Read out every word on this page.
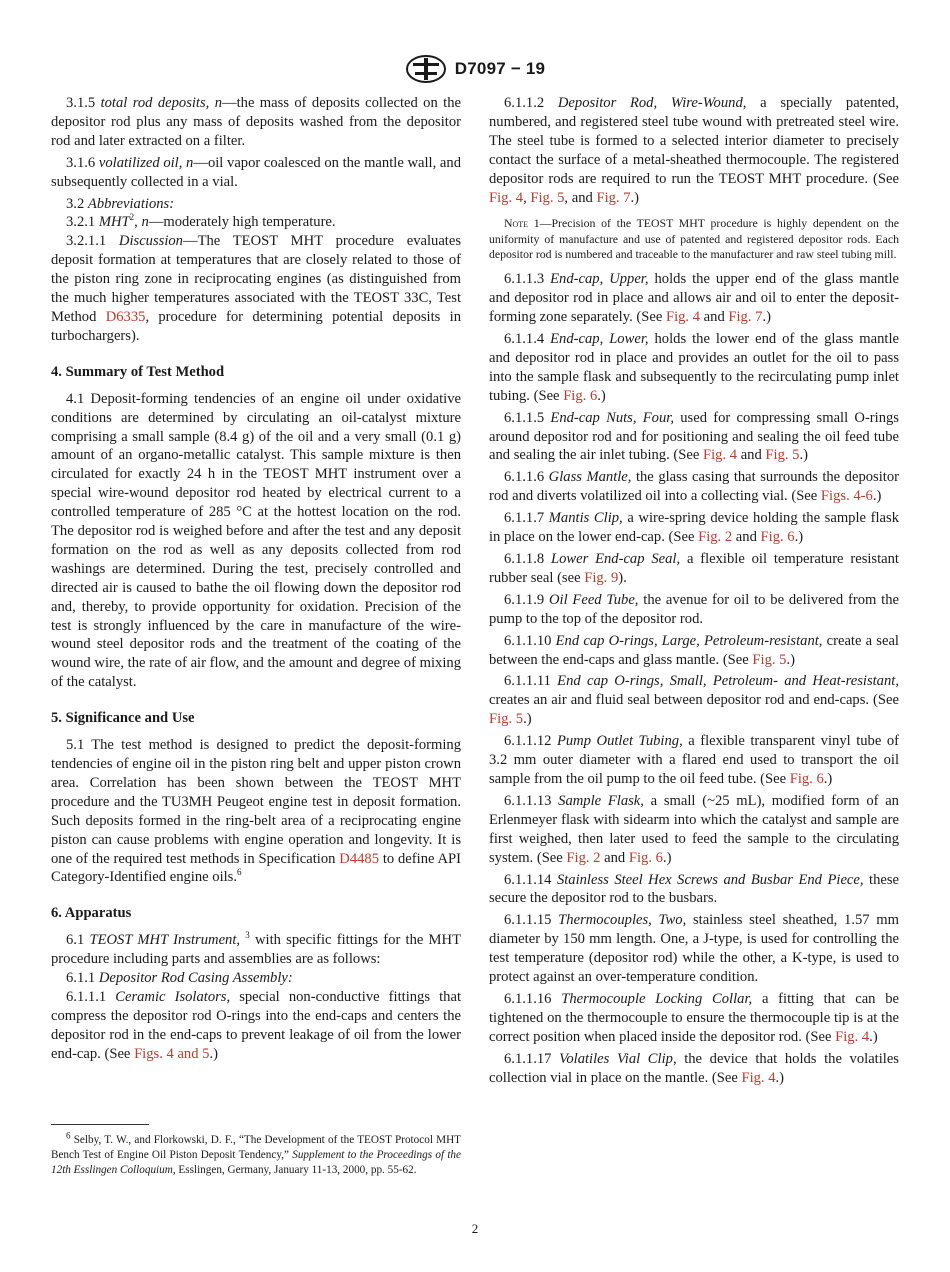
D7097 − 19

3.1.5 total rod deposits, n—the mass of deposits collected on the depositor rod plus any mass of deposits washed from the depositor rod and later extracted on a filter.

3.1.6 volatilized oil, n—oil vapor coalesced on the mantle wall, and subsequently collected in a vial.

3.2 Abbreviations:

3.2.1 MHT$^2$, n—moderately high temperature.

3.2.1.1 Discussion—The TEOST MHT procedure evaluates deposit formation at temperatures that are closely related to those of the piston ring zone in reciprocating engines (as distinguished from the much higher temperatures associated with the TEOST 33C, Test Method D6335, procedure for determining potential deposits in turbochargers).

4. Summary of Test Method

4.1 Deposit-forming tendencies of an engine oil under oxidative conditions are determined by circulating an oil-catalyst mixture comprising a small sample (8.4 g) of the oil and a very small (0.1 g) amount of an organo-metallic catalyst. This sample mixture is then circulated for exactly 24 h in the TEOST MHT instrument over a special wire-wound depositor rod heated by electrical current to a controlled temperature of 285 °C at the hottest location on the rod. The depositor rod is weighed before and after the test and any deposit formation on the rod as well as any deposits collected from rod washings are determined. During the test, precisely controlled and directed air is caused to bathe the oil flowing down the depositor rod and, thereby, to provide opportunity for oxidation. Precision of the test is strongly influenced by the care in manufacture of the wire-wound steel depositor rods and the treatment of the coating of the wound wire, the rate of air flow, and the amount and degree of mixing of the catalyst.

5. Significance and Use

5.1 The test method is designed to predict the deposit-forming tendencies of engine oil in the piston ring belt and upper piston crown area. Correlation has been shown between the TEOST MHT procedure and the TU3MH Peugeot engine test in deposit formation. Such deposits formed in the ring-belt area of a reciprocating engine piston can cause problems with engine operation and longevity. It is one of the required test methods in Specification D4485 to define API Category-Identified engine oils.$^6$

6. Apparatus

6.1 TEOST MHT Instrument, $^3$ with specific fittings for the MHT procedure including parts and assemblies are as follows:

6.1.1 Depositor Rod Casing Assembly:

6.1.1.1 Ceramic Isolators, special non-conductive fittings that compress the depositor rod O-rings into the end-caps and centers the depositor rod in the end-caps to prevent leakage of oil from the lower end-cap. (See Figs. 4 and 5.)

$^6$ Selby, T. W., and Florkowski, D. F., “The Development of the TEOST Protocol MHT Bench Test of Engine Oil Piston Deposit Tendency,” Supplement to the Proceedings of the 12th Esslingen Colloquium, Esslingen, Germany, January 11-13, 2000, pp. 55-62.

6.1.1.2 Depositor Rod, Wire-Wound, a specially patented, numbered, and registered steel tube wound with pretreated steel wire. The steel tube is formed to a selected interior diameter to precisely contact the surface of a metal-sheathed thermocouple. The registered depositor rods are required to run the TEOST MHT procedure. (See Fig. 4, Fig. 5, and Fig. 7.)

Note 1—Precision of the TEOST MHT procedure is highly dependent on the uniformity of manufacture and use of patented and registered depositor rods. Each depositor rod is numbered and traceable to the manufacturer and raw steel tubing mill.

6.1.1.3 End-cap, Upper, holds the upper end of the glass mantle and depositor rod in place and allows air and oil to enter the deposit-forming zone separately. (See Fig. 4 and Fig. 7.)

6.1.1.4 End-cap, Lower, holds the lower end of the glass mantle and depositor rod in place and provides an outlet for the oil to pass into the sample flask and subsequently to the recirculating pump inlet tubing. (See Fig. 6.)

6.1.1.5 End-cap Nuts, Four, used for compressing small O-rings around depositor rod and for positioning and sealing the oil feed tube and sealing the air inlet tubing. (See Fig. 4 and Fig. 5.)

6.1.1.6 Glass Mantle, the glass casing that surrounds the depositor rod and diverts volatilized oil into a collecting vial. (See Figs. 4-6.)

6.1.1.7 Mantis Clip, a wire-spring device holding the sample flask in place on the lower end-cap. (See Fig. 2 and Fig. 6.)

6.1.1.8 Lower End-cap Seal, a flexible oil temperature resistant rubber seal (see Fig. 9).

6.1.1.9 Oil Feed Tube, the avenue for oil to be delivered from the pump to the top of the depositor rod.

6.1.1.10 End cap O-rings, Large, Petroleum-resistant, create a seal between the end-caps and glass mantle. (See Fig. 5.)

6.1.1.11 End cap O-rings, Small, Petroleum- and Heat-resistant, creates an air and fluid seal between depositor rod and end-caps. (See Fig. 5.)

6.1.1.12 Pump Outlet Tubing, a flexible transparent vinyl tube of 3.2 mm outer diameter with a flared end used to transport the oil sample from the oil pump to the oil feed tube. (See Fig. 6.)

6.1.1.13 Sample Flask, a small (~25 mL), modified form of an Erlenmeyer flask with sidearm into which the catalyst and sample are first weighed, then later used to feed the sample to the circulating system. (See Fig. 2 and Fig. 6.)

6.1.1.14 Stainless Steel Hex Screws and Busbar End Piece, these secure the depositor rod to the busbars.

6.1.1.15 Thermocouples, Two, stainless steel sheathed, 1.57 mm diameter by 150 mm length. One, a J-type, is used for controlling the test temperature (depositor rod) while the other, a K-type, is used to protect against an over-temperature condition.

6.1.1.16 Thermocouple Locking Collar, a fitting that can be tightened on the thermocouple to ensure the thermocouple tip is at the correct position when placed inside the depositor rod. (See Fig. 4.)

6.1.1.17 Volatiles Vial Clip, the device that holds the volatiles collection vial in place on the mantle. (See Fig. 4.)

2
